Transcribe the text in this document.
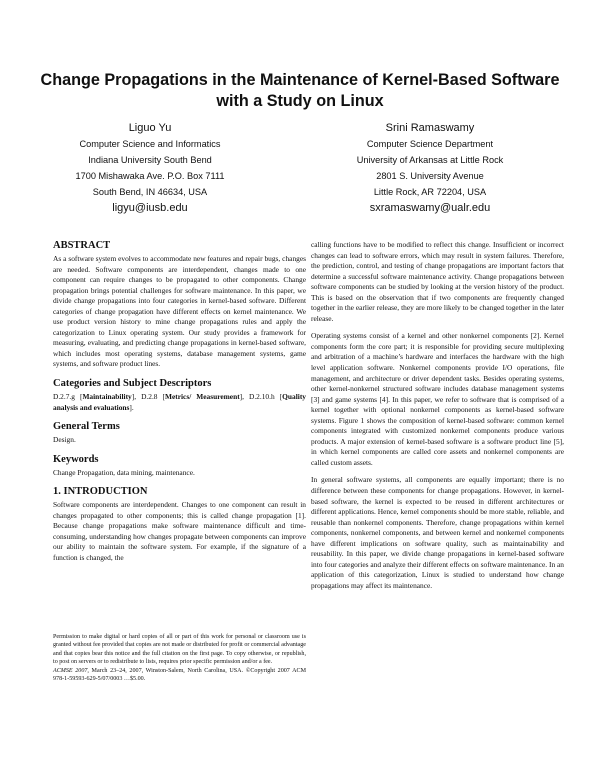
Change Propagations in the Maintenance of Kernel-Based Software with a Study on Linux
Liguo Yu
Computer Science and Informatics
Indiana University South Bend
1700 Mishawaka Ave. P.O. Box 7111
South Bend, IN 46634, USA
ligyu@iusb.edu
Srini Ramaswamy
Computer Science Department
University of Arkansas at Little Rock
2801 S. University Avenue
Little Rock, AR 72204, USA
sxramaswamy@ualr.edu
ABSTRACT

As a software system evolves to accommodate new features and repair bugs, changes are needed. Software components are interdependent, changes made to one component can require changes to be propagated to other components. Change propagation brings potential challenges for software maintenance. In this paper, we divide change propagations into four categories in kernel-based software. Different categories of change propagation have different effects on kernel maintenance. We use product version history to mine change propagations rules and apply the categorization to Linux operating system. Our study provides a framework for measuring, evaluating, and predicting change propagations in kernel-based software, which includes most operating systems, database management systems, game systems, and software product lines.

Categories and Subject Descriptors

D.2.7.g [Maintainability], D.2.8 [Metrics/ Measurement], D.2.10.h [Quality analysis and evaluations].

General Terms

Design.

Keywords

Change Propagation, data mining, maintenance.

1. INTRODUCTION

Software components are interdependent. Changes to one component can result in changes propagated to other components; this is called change propagation [1]. Because change propagations make software maintenance difficult and time-consuming, understanding how changes propagate between components can improve our ability to maintain the software system. For example, if the signature of a function is changed, the

Permission to make digital or hard copies of all or part of this work for personal or classroom use is granted without fee provided that copies are not made or distributed for profit or commercial advantage and that copies bear this notice and the full citation on the first page. To copy otherwise, or republish, to post on servers or to redistribute to lists, requires prior specific permission and/or a fee.
ACMSE 2007, March 23–24, 2007, Winston-Salem, North Carolina, USA. ©Copyright 2007 ACM 978-1-59593-629-5/07/0003 …$5.00.

calling functions have to be modified to reflect this change. Insufficient or incorrect changes can lead to software errors, which may result in system failures. Therefore, the prediction, control, and testing of change propagations are important factors that determine a successful software maintenance activity. Change propagations between software components can be studied by looking at the version history of the product. This is based on the observation that if two components are frequently changed together in the earlier release, they are more likely to be changed together in the later release.

Operating systems consist of a kernel and other nonkernel components [2]. Kernel components form the core part; it is responsible for providing secure multiplexing and arbitration of a machine’s hardware and interfaces the hardware with the high level application software. Nonkernel components provide I/O operations, file management, and architecture or driver dependent tasks. Besides operating systems, other kernel-nonkernel structured software includes database management systems [3] and game systems [4]. In this paper, we refer to software that is comprised of a kernel together with optional nonkernel components as kernel-based software systems. Figure 1 shows the composition of kernel-based software: common kernel components integrated with customized nonkernel components produce various products. A major extension of kernel-based software is a software product line [5], in which kernel components are called core assets and nonkernel components are called custom assets.

In general software systems, all components are equally important; there is no difference between these components for change propagations. However, in kernel-based software, the kernel is expected to be reused in different architectures or different applications. Hence, kernel components should be more stable, reliable, and reusable than nonkernel components. Therefore, change propagations within kernel components, nonkernel components, and between kernel and nonkernel components have different implications on software quality, such as maintainability and reusability. In this paper, we divide change propagations in kernel-based software into four categories and analyze their different effects on software maintenance. In an application of this categorization, Linux is studied to understand how change propagations may affect its maintenance.
